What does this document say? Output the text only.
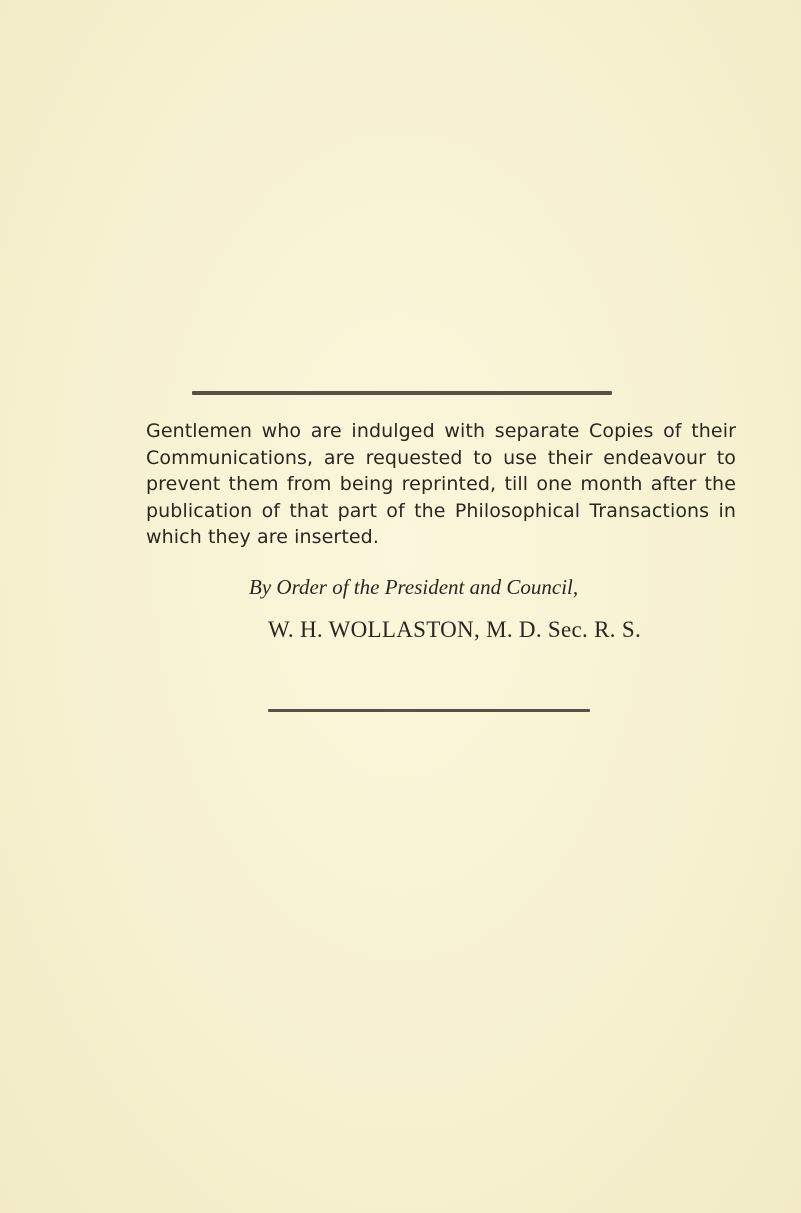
Gentlemen who are indulged with separate Copies of their Communications, are requested to use their endeavour to prevent them from being reprinted, till one month after the publication of that part of the Philosophical Transactions in which they are inserted.

By Order of the President and Council,
W. H. WOLLASTON, M. D. Sec. R. S.
